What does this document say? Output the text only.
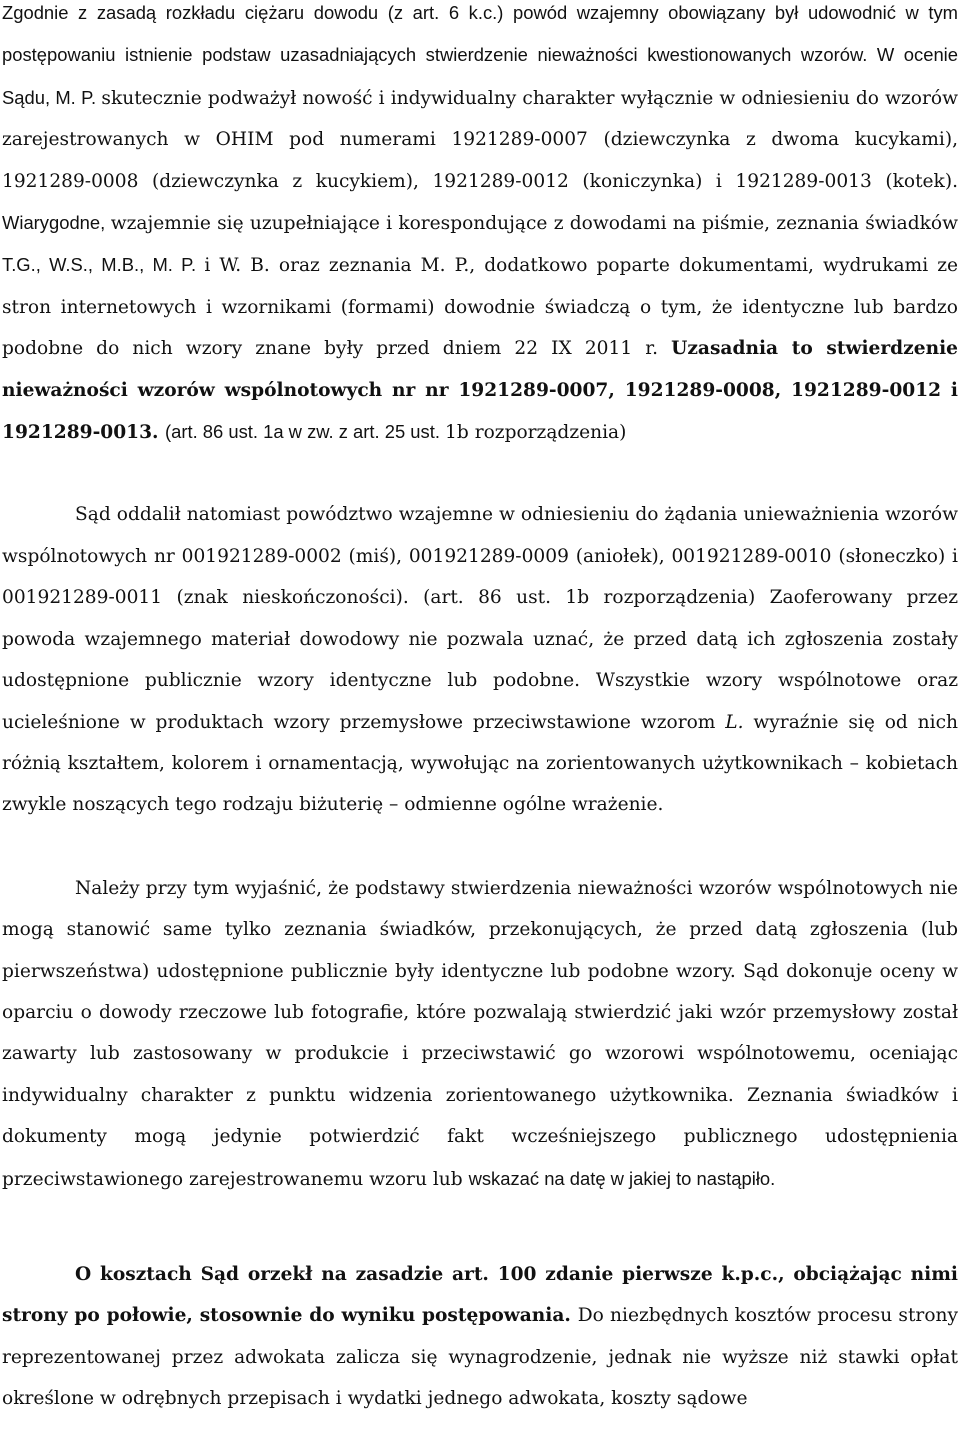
Zgodnie z zasadą rozkładu ciężaru dowodu (z art. 6 k.c.) powód wzajemny obowiązany był udowodnić w tym postępowaniu istnienie podstaw uzasadniających stwierdzenie nieważności kwestionowanych wzorów. W ocenie Sądu, M. P. skutecznie podważył nowość i indywidualny charakter wyłącznie w odniesieniu do wzorów zarejestrowanych w OHIM pod numerami 1921289-0007 (dziewczynka z dwoma kucykami), 1921289-0008 (dziewczynka z kucykiem), 1921289-0012 (koniczynka) i 1921289-0013 (kotek). Wiarygodne, wzajemnie się uzupełniające i korespondujące z dowodami na piśmie, zeznania świadków T.G., W.S., M.B., M. P. i W. B. oraz zeznania M. P., dodatkowo poparte dokumentami, wydrukami ze stron internetowych i wzornikami (formami) dowodnie świadczą o tym, że identyczne lub bardzo podobne do nich wzory znane były przed dniem 22 IX 2011 r. Uzasadnia to stwierdzenie nieważności wzorów wspólnotowych nr nr 1921289-0007, 1921289-0008, 1921289-0012 i 1921289-0013. (art. 86 ust. 1a w zw. z art. 25 ust. 1b rozporządzenia)

Sąd oddalił natomiast powództwo wzajemne w odniesieniu do żądania unieważnienia wzorów wspólnotowych nr 001921289-0002 (miś), 001921289-0009 (aniołek), 001921289-0010 (słoneczko) i 001921289-0011 (znak nieskończoności). (art. 86 ust. 1b rozporządzenia) Zaoferowany przez powoda wzajemnego materiał dowodowy nie pozwala uznać, że przed datą ich zgłoszenia zostały udostępnione publicznie wzory identyczne lub podobne. Wszystkie wzory wspólnotowe oraz ucieleśnione w produktach wzory przemysłowe przeciwstawione wzorom L. wyraźnie się od nich różnią kształtem, kolorem i ornamentacją, wywołując na zorientowanych użytkownikach – kobietach zwykle noszących tego rodzaju biżuterię – odmienne ogólne wrażenie.

Należy przy tym wyjaśnić, że podstawy stwierdzenia nieważności wzorów wspólnotowych nie mogą stanowić same tylko zeznania świadków, przekonujących, że przed datą zgłoszenia (lub pierwszeństwa) udostępnione publicznie były identyczne lub podobne wzory. Sąd dokonuje oceny w oparciu o dowody rzeczowe lub fotografie, które pozwalają stwierdzić jaki wzór przemysłowy został zawarty lub zastosowany w produkcie i przeciwstawić go wzorowi wspólnotowemu, oceniając indywidualny charakter z punktu widzenia zorientowanego użytkownika. Zeznania świadków i dokumenty mogą jedynie potwierdzić fakt wcześniejszego publicznego udostępnienia przeciwstawionego zarejestrowanemu wzoru lub wskazać na datę w jakiej to nastąpiło.

O kosztach Sąd orzekł na zasadzie art. 100 zdanie pierwsze k.p.c., obciążając nimi strony po połowie, stosownie do wyniku postępowania. Do niezbędnych kosztów procesu strony reprezentowanej przez adwokata zalicza się wynagrodzenie, jednak nie wyższe niż stawki opłat określone w odrębnych przepisach i wydatki jednego adwokata, koszty sądowe
